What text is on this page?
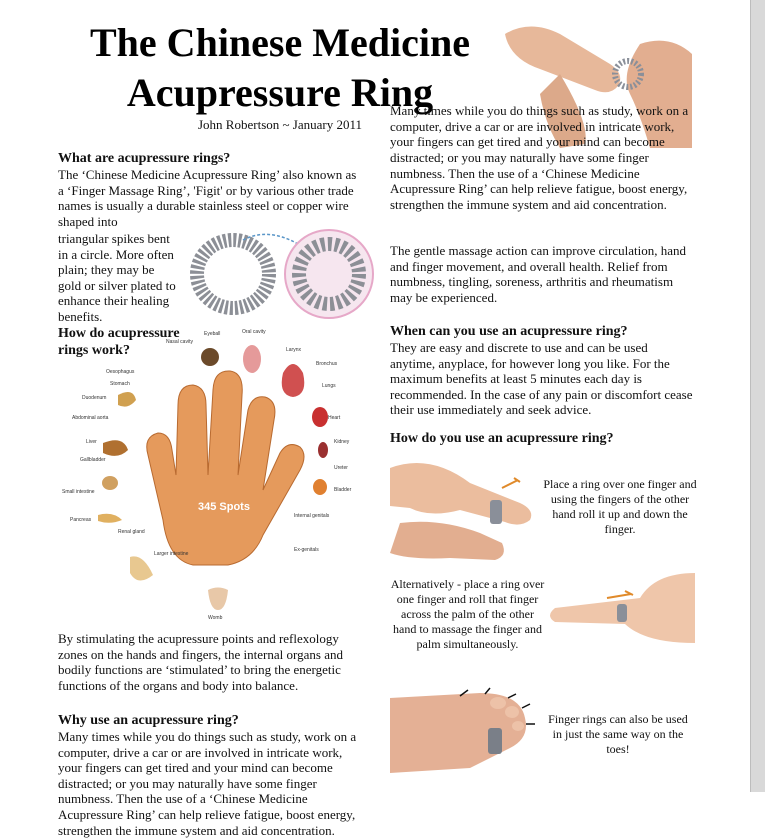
The Chinese Medicine Acupressure Ring
John Robertson ~ January 2011
What are acupressure rings?

The ‘Chinese Medicine Acupressure Ring’ also known as a ‘Finger Massage Ring’, 'Figit' or by various other trade names is usually a durable stainless steel or copper wire shaped into

triangular spikes bent in a circle. More often plain; they may be gold or silver plated to enhance their healing benefits.

How do acupressure rings work?
345 Spots
Eyeball	Oral cavity
Nasal cavity
Larynx
Bronchus
Oesophagus
Stomach	Lungs
Duodenum
Abdominal aorta	Heart
Liver	Kidney
Gallbladder
Ureter
Small intestine	Bladder
Pancreas
Internal genitals
Renal gland
Ex-genitals
Larger intestine
Womb

By stimulating the acupressure points and reflexology zones on the hands and fingers, the internal organs and bodily functions are ‘stimulated’ to bring the energetic functions of the organs and body into balance.

Why use an acupressure ring?

Many times while you do things such as study, work on a computer, drive a car or are involved in intricate work, your fingers can get tired and your mind can become distracted; or you may naturally have some finger numbness. Then the use of a ‘Chinese Medicine Acupressure Ring’ can help relieve fatigue, boost energy, strengthen the immune system and aid concentration.

Many times while you do things such as study, work on a computer, drive a car or are involved in intricate work, your fingers can get tired and your mind can become distracted; or you may naturally have some finger numbness. Then the use of a ‘Chinese Medicine Acupressure Ring’ can help relieve fatigue, boost energy, strengthen the immune system and aid concentration.

The gentle massage action can improve circulation, hand and finger movement, and overall health. Relief from numbness, tingling, soreness, arthritis and rheumatism may be experienced.

When can you use an acupressure ring?

They are easy and discrete to use and can be used anytime, anyplace, for however long you like. For the maximum benefits at least 5 minutes each day is recommended. In the case of any pain or discomfort cease their use immediately and seek advice.

How do you use an acupressure ring?
Place a ring over one finger and using the fingers of the other hand roll it up and down the finger.
Alternatively - place a ring over one finger and roll that finger across the palm of the other hand to massage the finger and palm simultaneously.
Finger rings can also be used in just the same way on the toes!
